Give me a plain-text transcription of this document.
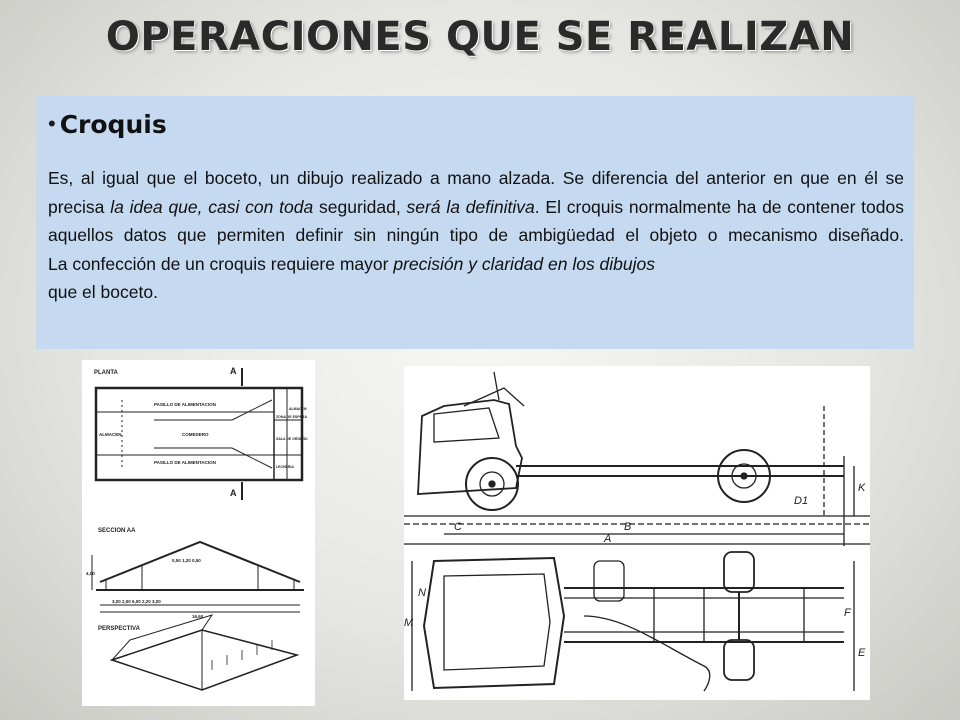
OPERACIONES QUE SE REALIZAN
• Croquis

Es, al igual que el boceto, un dibujo realizado a mano alzada. Se diferencia del anterior en que en él se precisa la idea que, casi con toda seguridad, será la definitiva. El croquis normalmente ha de contener todos aquellos datos que permiten definir sin ningún tipo de ambigüedad el objeto o mecanismo diseñado.

La confección de un croquis requiere mayor precisión y claridad en los dibujos

que el boceto.

PLANTA	A
A
PASILLO DE ALIMENTACION
PASILLO DE ALIMENTACION
COMEDERO
ALMACEN
ZONA DE ESPERA
SALA DE ORDEÑO
LECHERIA
ALMACEN
SECCION AA
4,00
0,50 1,20 0,50
3,00 2,00 6,00 2,20 3,00
16,60
PERSPECTIVA
C	B
A
D1
K
E
F
M
N
